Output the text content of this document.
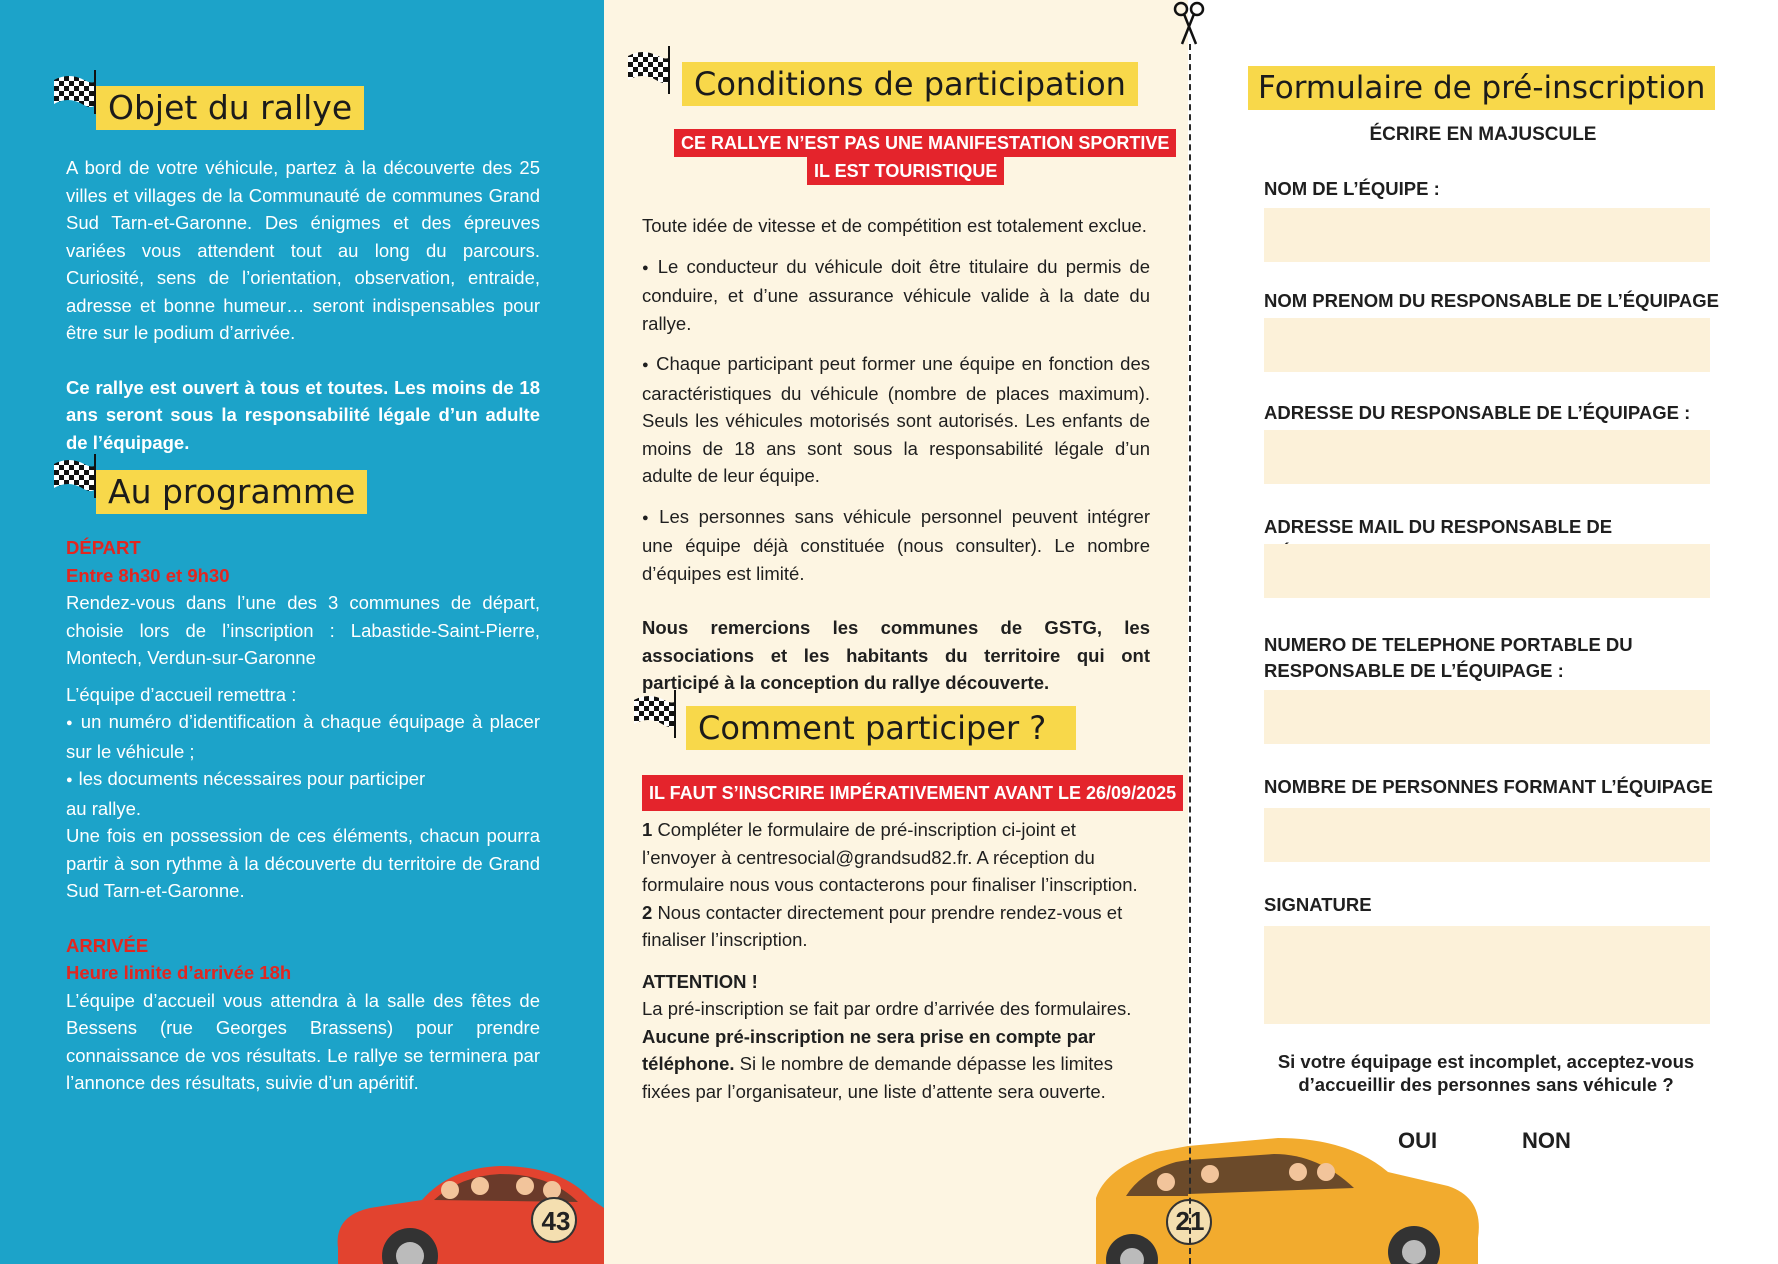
Objet du rallye

A bord de votre véhicule, partez à la découverte des 25 villes et villages de la Communauté de communes Grand Sud Tarn-et-Garonne. Des énigmes et des épreuves variées vous attendent tout au long du parcours. Curiosité, sens de l’orientation, observation, entraide, adresse et bonne humeur… seront indispensables pour être sur le podium d’arrivée.

Ce rallye est ouvert à tous et toutes. Les moins de 18 ans seront sous la responsabilité légale d’un adulte de l’équipage.

Au programme

DÉPART

Entre 8h30 et 9h30

Rendez-vous dans l’une des 3 communes de départ, choisie lors de l’inscription : Labastide-Saint-Pierre, Montech, Verdun-sur-Garonne

L’équipe d’accueil remettra :

● un numéro d’identification à chaque équipage à placer sur le véhicule ;

● les documents nécessaires pour participer

au rallye.

Une fois en possession de ces éléments, chacun pourra partir à son rythme à la découverte du territoire de Grand Sud Tarn-et-Garonne.

ARRIVÉE

Heure limite d’arrivée 18h

L’équipe d’accueil vous attendra à la salle des fêtes de Bessens (rue Georges Brassens) pour prendre connaissance de vos résultats. Le rallye se terminera par l’annonce des résultats, suivie d’un apéritif.

43
Conditions de participation
CE RALLYE N’EST PAS UNE MANIFESTATION SPORTIVE
IL EST TOURISTIQUE

Toute idée de vitesse et de compétition est totalement exclue.

● Le conducteur du véhicule doit être titulaire du permis de conduire, et d’une assurance véhicule valide à la date du rallye.

● Chaque participant peut former une équipe en fonction des caractéristiques du véhicule (nombre de places maximum). Seuls les véhicules motorisés sont autorisés. Les enfants de moins de 18 ans sont sous la responsabilité légale d’un adulte de leur équipe.

● Les personnes sans véhicule personnel peuvent intégrer une équipe déjà constituée (nous consulter). Le nombre d’équipes est limité.

Nous remercions les communes de GSTG, les associations et les habitants du territoire qui ont participé à la conception du rallye découverte.

Comment participer ?
IL FAUT S’INSCRIRE IMPÉRATIVEMENT AVANT LE 26/09/2025

1 Compléter le formulaire de pré-inscription ci-joint et l’envoyer à centresocial@grandsud82.fr. A réception du formulaire nous vous contacterons pour finaliser l’inscription.

2 Nous contacter directement pour prendre rendez-vous et finaliser l’inscription.

ATTENTION !

La pré-inscription se fait par ordre d’arrivée des formulaires.

Aucune pré-inscription ne sera prise en compte par téléphone. Si le nombre de demande dépasse les limites fixées par l’organisateur, une liste d’attente sera ouverte.

Formulaire de pré-inscription
ÉCRIRE EN MAJUSCULE
NOM DE L’ÉQUIPE :
NOM PRENOM DU RESPONSABLE DE L’ÉQUIPAGE
ADRESSE DU RESPONSABLE DE L’ÉQUIPAGE :
ADRESSE MAIL DU RESPONSABLE DE
NUMERO DE TELEPHONE PORTABLE DU RESPONSABLE DE L’ÉQUIPAGE :
NOMBRE DE PERSONNES FORMANT L’ÉQUIPAGE
SIGNATURE
Si votre équipage est incomplet, acceptez-vous d’accueillir des personnes sans véhicule ?
OUI	NON
21
